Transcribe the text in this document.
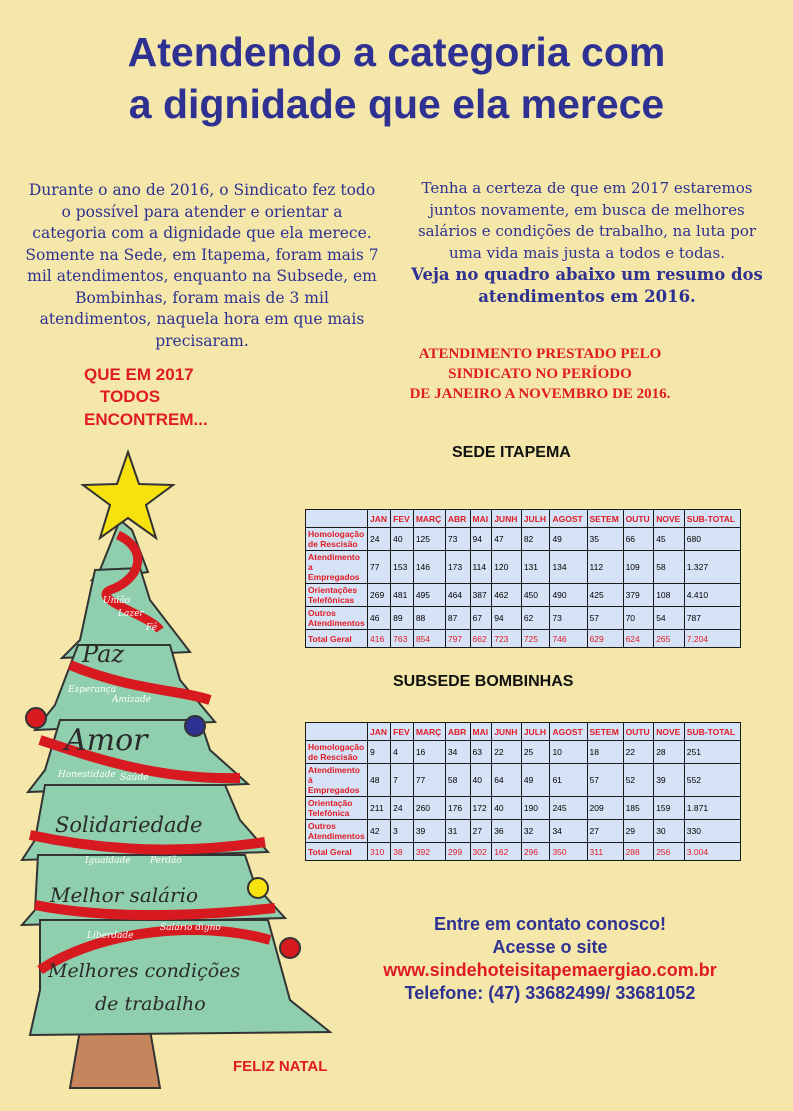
Atendendo a categoria com
a dignidade que ela merece

Durante o ano de 2016, o Sindicato fez todo o possível para atender e orientar a categoria com a dignidade que ela merece. Somente na Sede, em Itapema, foram mais 7 mil atendimentos, enquanto na Subsede, em Bombinhas, foram mais de 3 mil atendimentos, naquela hora em que mais precisaram.

Tenha a certeza de que em 2017 estaremos juntos novamente, em busca de melhores salários e condições de trabalho, na luta por uma vida mais justa a todos e todas.

Veja no quadro abaixo um resumo dos atendimentos em 2016.

QUE EM 2017

TODOS

ENCONTREM...

ATENDIMENTO PRESTADO PELO

SINDICATO NO PERÍODO

DE JANEIRO A NOVEMBRO DE 2016.

SEDE ITAPEMA

SUBSEDE BOMBINHAS

	JAN	FEV	MARÇ	ABR	MAI	JUNH	JULH	AGOST	SETEM	OUTU	NOVE	SUB-TOTAL
Homologação de Rescisão	24	40	125	73	94	47	82	49	35	66	45	680
Atendimento a Empregados	77	153	146	173	114	120	131	134	112	109	58	1.327
Orientações Telefônicas	269	481	495	464	387	462	450	490	425	379	108	4.410
Outros Atendimentos	46	89	88	87	67	94	62	73	57	70	54	787
Total Geral	416	763	854	797	662	723	725	746	629	624	265	7.204
	JAN	FEV	MARÇ	ABR	MAI	JUNH	JULH	AGOST	SETEM	OUTU	NOVE	SUB-TOTAL
Homologação de Rescisão	9	4	16	34	63	22	25	10	18	22	28	251
Atendimento à Empregados	48	7	77	58	40	64	49	61	57	52	39	552
Orientação Telefônica	211	24	260	176	172	40	190	245	209	185	159	1.871
Outros Atendimentos	42	3	39	31	27	36	32	34	27	29	30	330
Total Geral	310	38	392	299	302	162	296	350	311	288	256	3.004

Entre em contato conosco!

Acesse o site

www.sindehoteisitapemaergiao.com.br

Telefone: (47) 33682499/ 33681052

FELIZ NATAL

Paz
Amor
Solidariedade
Melhor salário
Melhores condições
de trabalho
União
Lazer
Fé
Esperança
Amizade
Honestidade Saúde
Igualdade Perdão
Liberdade
Salário digno
